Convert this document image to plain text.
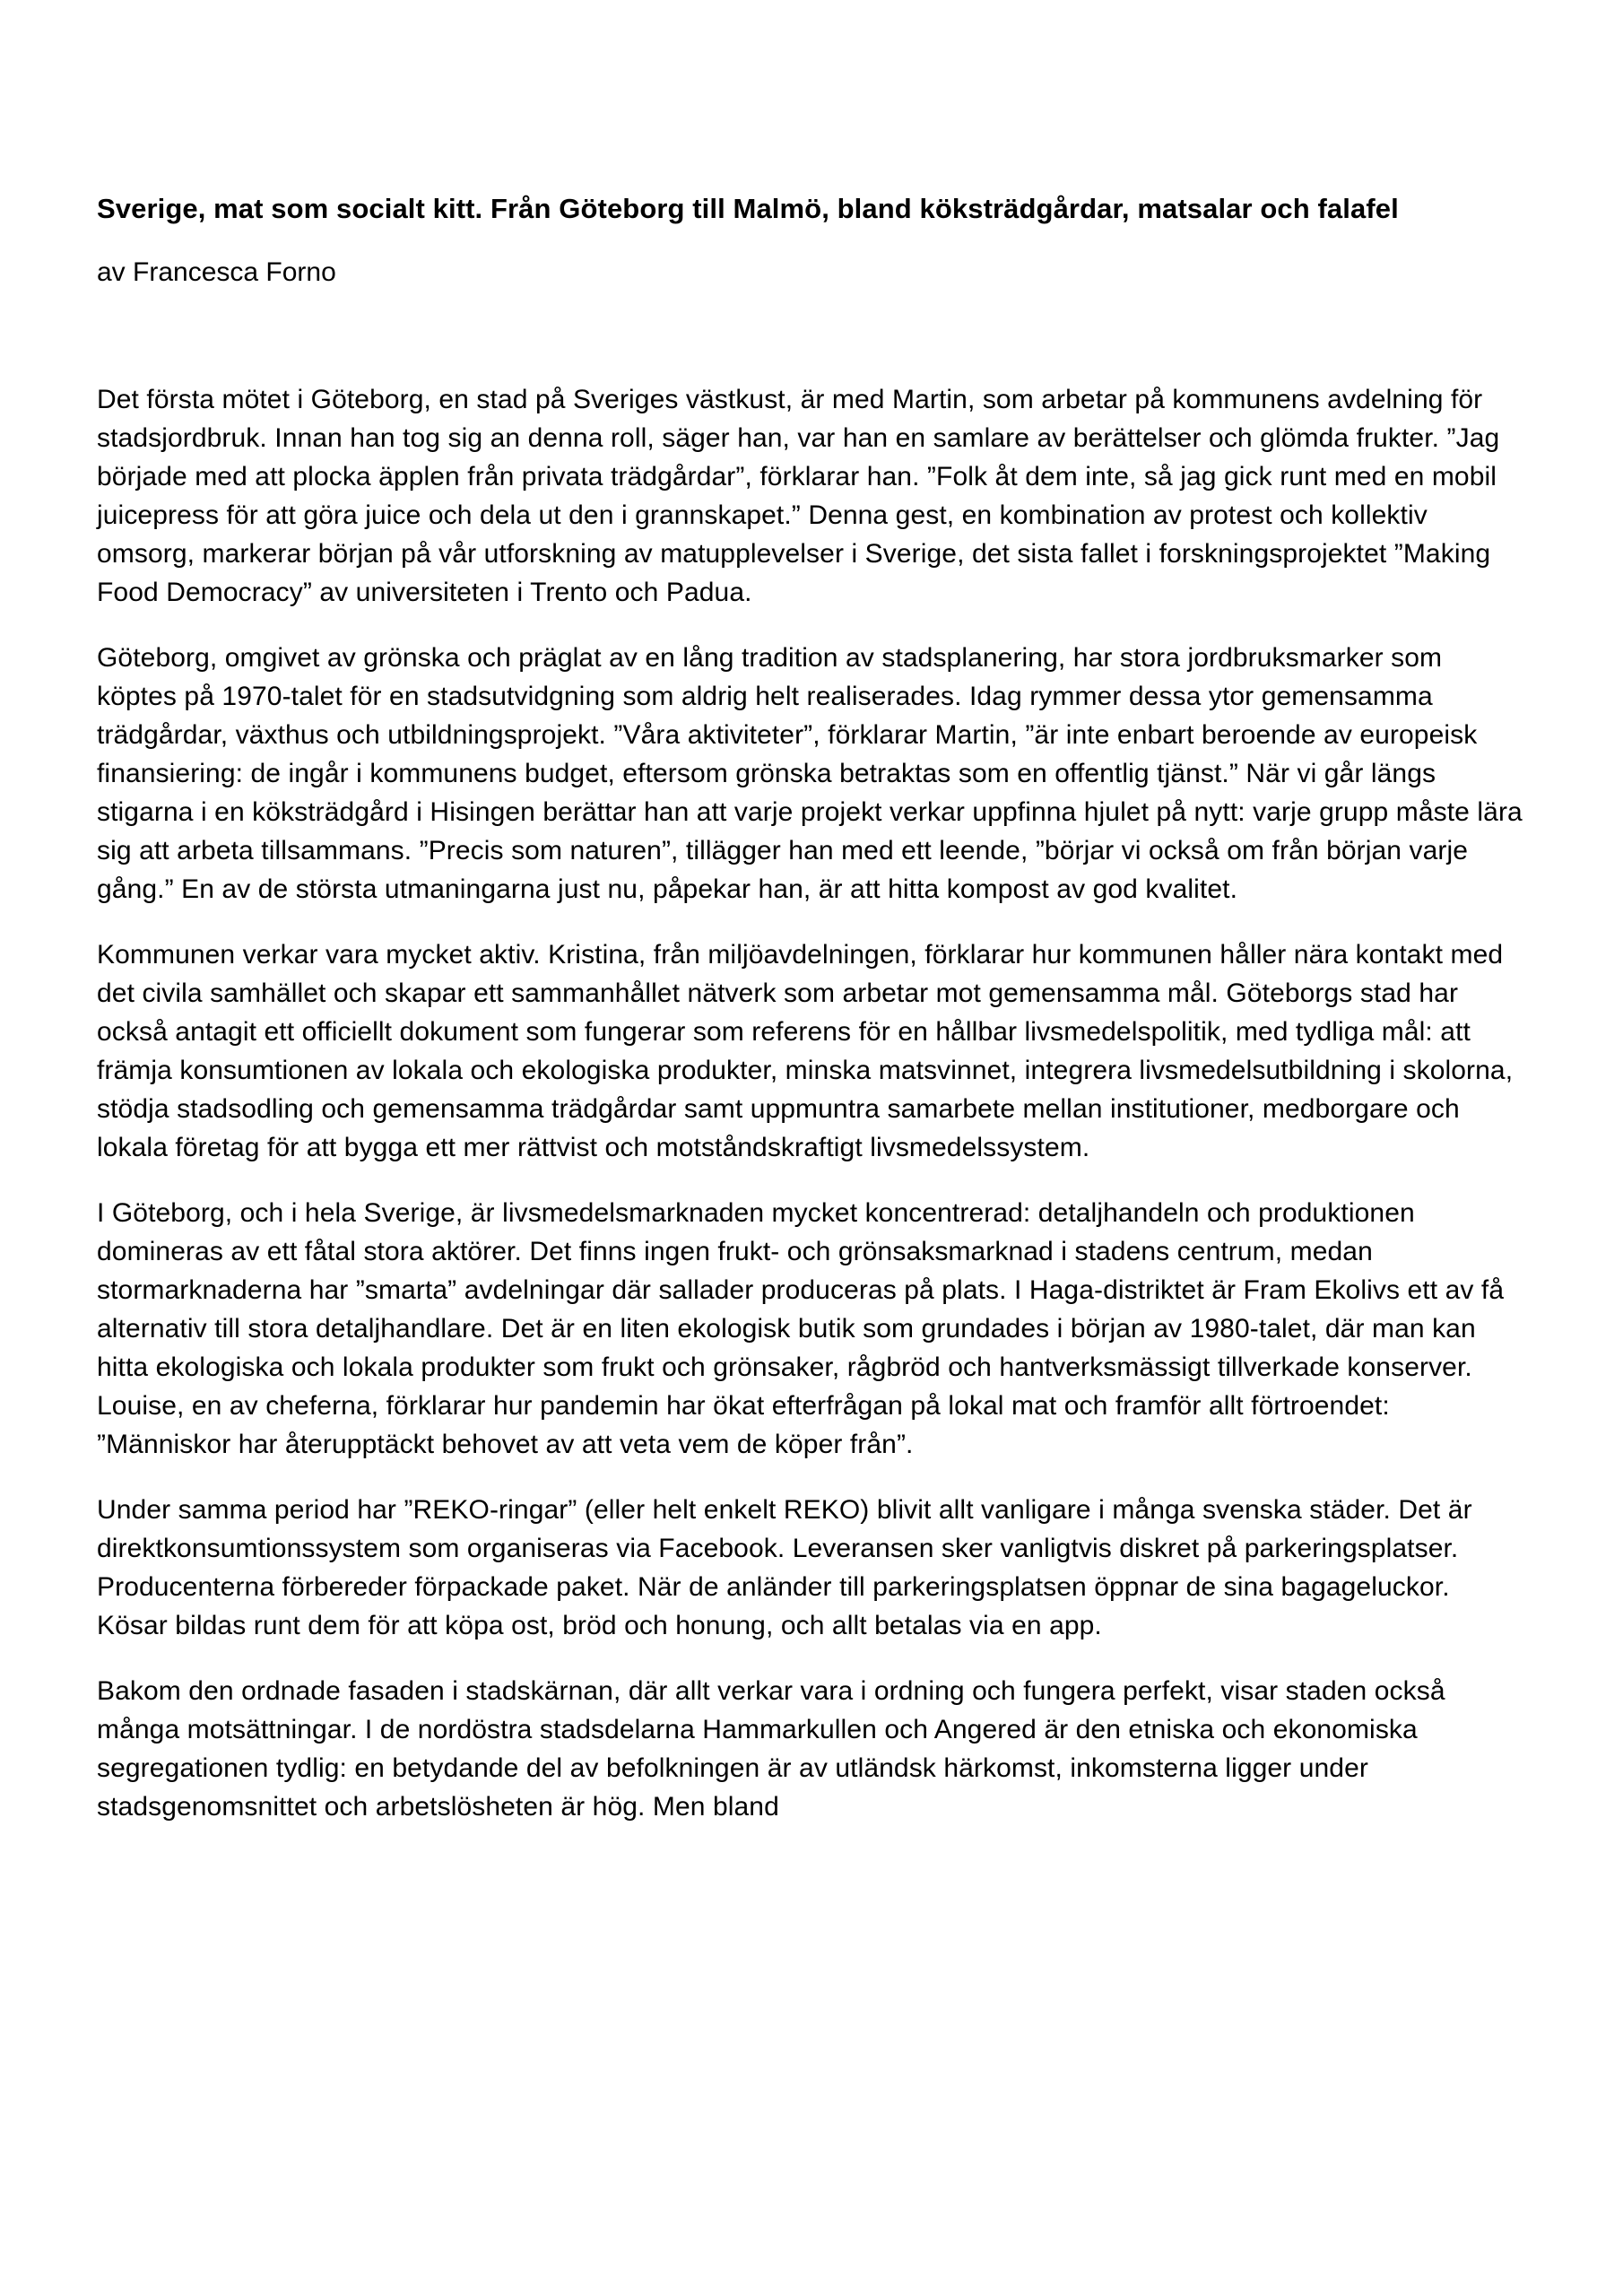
Sverige, mat som socialt kitt. Från Göteborg till Malmö, bland köksträdgårdar, matsalar och falafel

av Francesca Forno

Det första mötet i Göteborg, en stad på Sveriges västkust, är med Martin, som arbetar på kommunens avdelning för stadsjordbruk. Innan han tog sig an denna roll, säger han, var han en samlare av berättelser och glömda frukter. ”Jag började med att plocka äpplen från privata trädgårdar”, förklarar han. ”Folk åt dem inte, så jag gick runt med en mobil juicepress för att göra juice och dela ut den i grannskapet.” Denna gest, en kombination av protest och kollektiv omsorg, markerar början på vår utforskning av matupplevelser i Sverige, det sista fallet i forskningsprojektet ”Making Food Democracy” av universiteten i Trento och Padua.

Göteborg, omgivet av grönska och präglat av en lång tradition av stadsplanering, har stora jordbruksmarker som köptes på 1970-talet för en stadsutvidgning som aldrig helt realiserades. Idag rymmer dessa ytor gemensamma trädgårdar, växthus och utbildningsprojekt. ”Våra aktiviteter”, förklarar Martin, ”är inte enbart beroende av europeisk finansiering: de ingår i kommunens budget, eftersom grönska betraktas som en offentlig tjänst.” När vi går längs stigarna i en köksträdgård i Hisingen berättar han att varje projekt verkar uppfinna hjulet på nytt: varje grupp måste lära sig att arbeta tillsammans. ”Precis som naturen”, tillägger han med ett leende, ”börjar vi också om från början varje gång.” En av de största utmaningarna just nu, påpekar han, är att hitta kompost av god kvalitet.

Kommunen verkar vara mycket aktiv. Kristina, från miljöavdelningen, förklarar hur kommunen håller nära kontakt med det civila samhället och skapar ett sammanhållet nätverk som arbetar mot gemensamma mål. Göteborgs stad har också antagit ett officiellt dokument som fungerar som referens för en hållbar livsmedelspolitik, med tydliga mål: att främja konsumtionen av lokala och ekologiska produkter, minska matsvinnet, integrera livsmedelsutbildning i skolorna, stödja stadsodling och gemensamma trädgårdar samt uppmuntra samarbete mellan institutioner, medborgare och lokala företag för att bygga ett mer rättvist och motståndskraftigt livsmedelssystem.

I Göteborg, och i hela Sverige, är livsmedelsmarknaden mycket koncentrerad: detaljhandeln och produktionen domineras av ett fåtal stora aktörer. Det finns ingen frukt- och grönsaksmarknad i stadens centrum, medan stormarknaderna har ”smarta” avdelningar där sallader produceras på plats. I Haga-distriktet är Fram Ekolivs ett av få alternativ till stora detaljhandlare. Det är en liten ekologisk butik som grundades i början av 1980-talet, där man kan hitta ekologiska och lokala produkter som frukt och grönsaker, rågbröd och hantverksmässigt tillverkade konserver. Louise, en av cheferna, förklarar hur pandemin har ökat efterfrågan på lokal mat och framför allt förtroendet: ”Människor har återupptäckt behovet av att veta vem de köper från”.

Under samma period har ”REKO-ringar” (eller helt enkelt REKO) blivit allt vanligare i många svenska städer. Det är direktkonsumtionssystem som organiseras via Facebook. Leveransen sker vanligtvis diskret på parkeringsplatser. Producenterna förbereder förpackade paket. När de anländer till parkeringsplatsen öppnar de sina bagageluckor. Kösar bildas runt dem för att köpa ost, bröd och honung, och allt betalas via en app.

Bakom den ordnade fasaden i stadskärnan, där allt verkar vara i ordning och fungera perfekt, visar staden också många motsättningar. I de nordöstra stadsdelarna Hammarkullen och Angered är den etniska och ekonomiska segregationen tydlig: en betydande del av befolkningen är av utländsk härkomst, inkomsterna ligger under stadsgenomsnittet och arbetslösheten är hög. Men bland
